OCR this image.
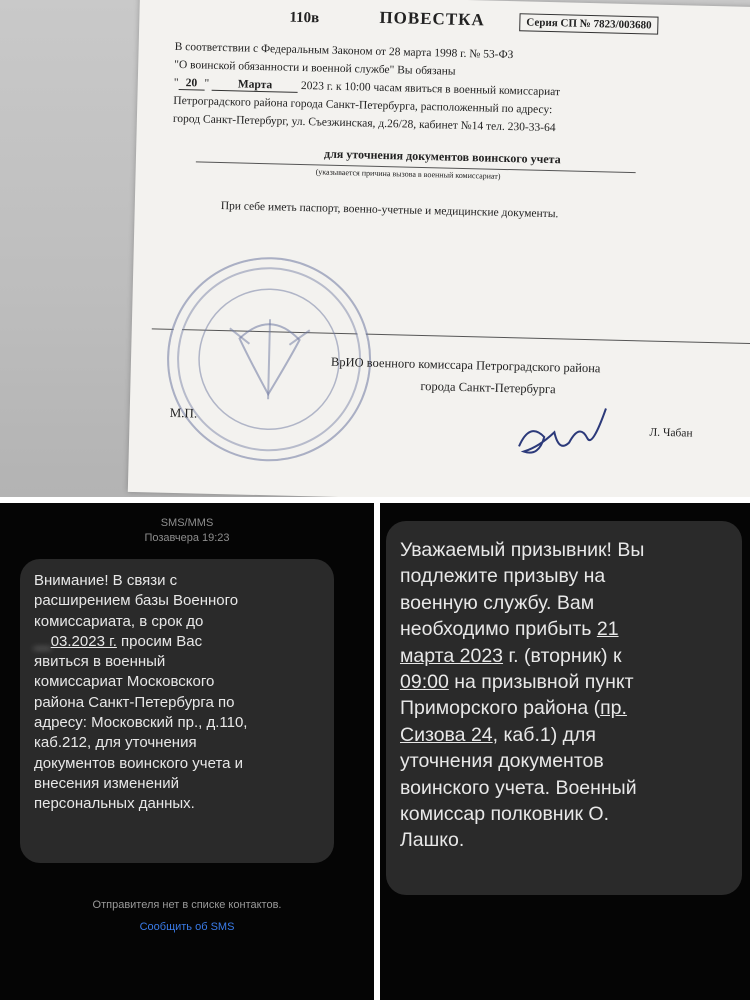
110в	ПОВЕСТКА	Серия СП № 7823/003680
В соответствии с Федеральным Законом от 28 марта 1998 г. № 53-ФЗ
"О воинской обязанности и военной службе" Вы обязаны
" 20 " Марта 2023 г. к 10:00 часам явиться в военный комиссариат
Петроградского района города Санкт-Петербурга, расположенный по адресу:
город Санкт-Петербург, ул. Съезжинская, д.26/28, кабинет №14 тел. 230-33-64
для уточнения документов воинского учета
(указывается причина вызова в военный комиссариат)
При себе иметь паспорт, военно-учетные и медицинские документы.
ВрИО военного комиссара Петроградского района
города Санкт-Петербурга
М.П.
Л. Чабан
SMS/MMS
Позавчера 19:23
Внимание! В связи с
расширением базы Военного
комиссариата, в срок до
__03.2023 г. просим Вас
явиться в военный
комиссариат Московского
района Санкт-Петербурга по
адресу: Московский пр., д.110,
каб.212, для уточнения
документов воинского учета и
внесения изменений
персональных данных.
Отправителя нет в списке контактов.
Сообщить об SMS
Уважаемый призывник! Вы
подлежите призыву на
военную службу. Вам
необходимо прибыть 21
марта 2023 г. (вторник) к
09:00 на призывной пункт
Приморского района (пр.
Сизова 24, каб.1) для
уточнения документов
воинского учета. Военный
комиссар полковник О.
Лашко.
